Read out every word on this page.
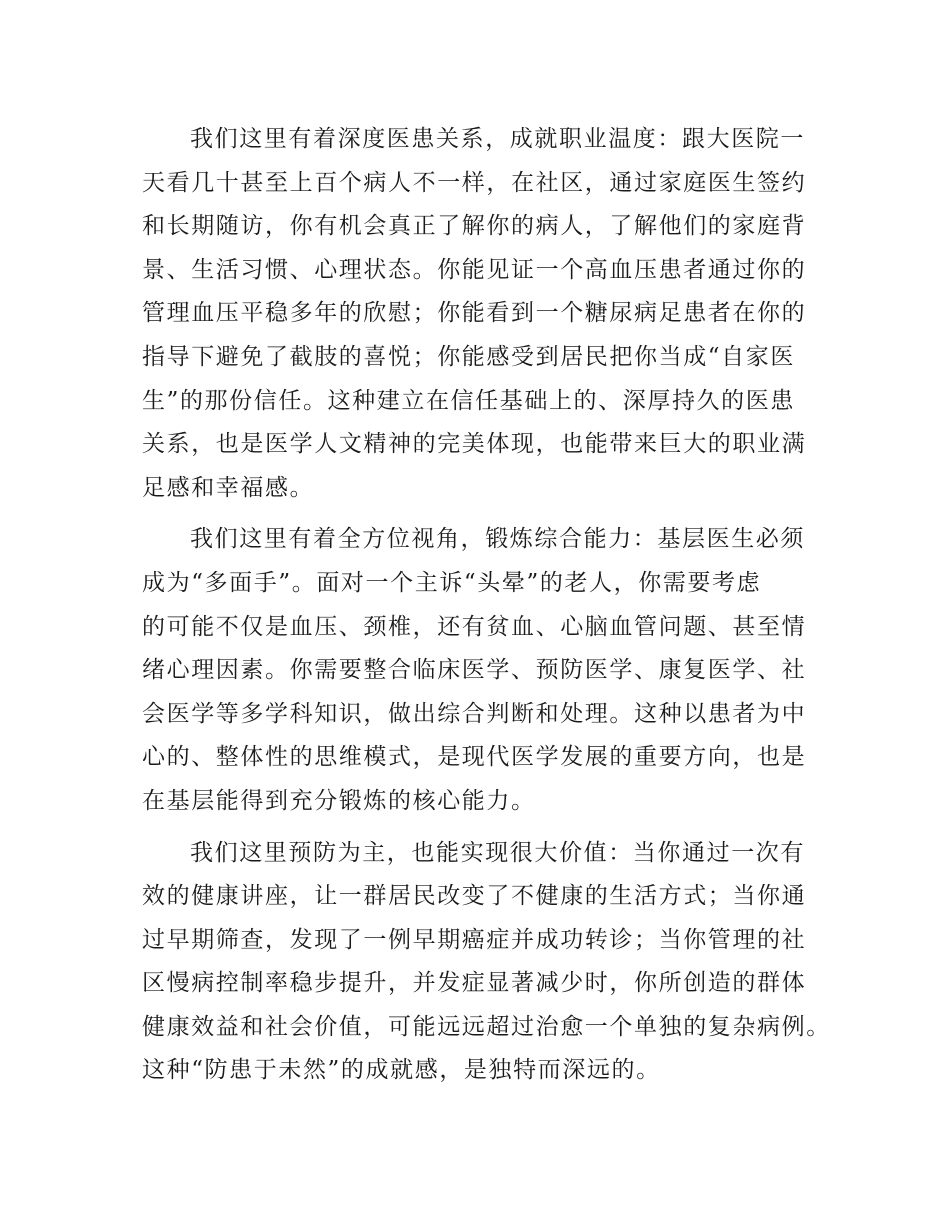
我们这里有着深度医患关系，成就职业温度：跟大医院一
天看几十甚至上百个病人不一样，在社区，通过家庭医生签约
和长期随访，你有机会真正了解你的病人，了解他们的家庭背
景、生活习惯、心理状态。你能见证一个高血压患者通过你的
管理血压平稳多年的欣慰；你能看到一个糖尿病足患者在你的
指导下避免了截肢的喜悦；你能感受到居民把你当成“自家医
生”的那份信任。这种建立在信任基础上的、深厚持久的医患
关系，也是医学人文精神的完美体现，也能带来巨大的职业满
足感和幸福感。
我们这里有着全方位视角，锻炼综合能力：基层医生必须
成为“多面手”。面对一个主诉“头晕”的老人，你需要考虑
的可能不仅是血压、颈椎，还有贫血、心脑血管问题、甚至情
绪心理因素。你需要整合临床医学、预防医学、康复医学、社
会医学等多学科知识，做出综合判断和处理。这种以患者为中
心的、整体性的思维模式，是现代医学发展的重要方向，也是
在基层能得到充分锻炼的核心能力。
我们这里预防为主，也能实现很大价值：当你通过一次有
效的健康讲座，让一群居民改变了不健康的生活方式；当你通
过早期筛查，发现了一例早期癌症并成功转诊；当你管理的社
区慢病控制率稳步提升，并发症显著减少时，你所创造的群体
健康效益和社会价值，可能远远超过治愈一个单独的复杂病例。
这种“防患于未然”的成就感，是独特而深远的。
